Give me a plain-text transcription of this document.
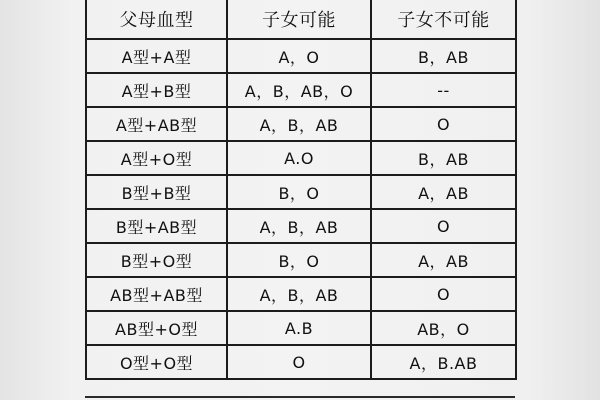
父母血型	子女可能	子女不可能
A型+A型	A，O	B，AB
A型+B型	A，B，AB，O	--
A型+AB型	A，B，AB	O
A型+O型	A.O	B，AB
B型+B型	B，O	A，AB
B型+AB型	A，B，AB	O
B型+O型	B，O	A，AB
AB型+AB型	A，B，AB	O
AB型+O型	A.B	AB，O
O型+O型	O	A，B.AB
